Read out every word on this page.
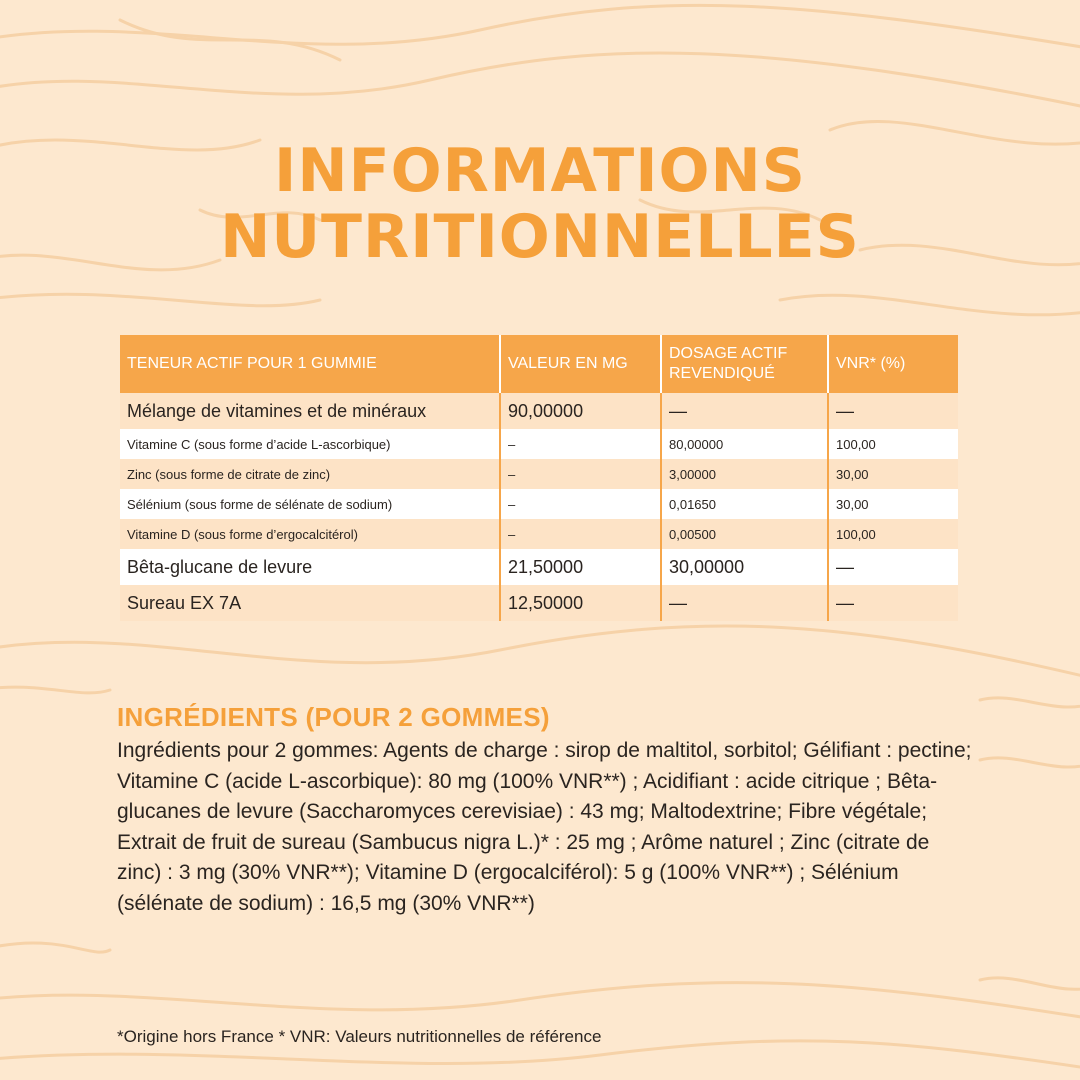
INFORMATIONS
NUTRITIONNELLES
TENEUR ACTIF POUR 1 GUMMIE	VALEUR EN MG	DOSAGE ACTIF REVENDIQUÉ	VNR* (%)
Mélange de vitamines et de minéraux	90,00000	—	—
Vitamine C (sous forme d’acide L-ascorbique)	–	80,00000	100,00
Zinc (sous forme de citrate de zinc)	–	3,00000	30,00
Sélénium (sous forme de sélénate de sodium)	–	0,01650	30,00
Vitamine D (sous forme d’ergocalcitérol)	–	0,00500	100,00
Bêta-glucane de levure	21,50000	30,00000	—
Sureau EX 7A	12,50000	—	—
INGRÉDIENTS (POUR 2 GOMMES)

Ingrédients pour 2 gommes: Agents de charge : sirop de maltitol, sorbitol; Gélifiant : pectine; Vitamine C (acide L-ascorbique): 80 mg (100% VNR**) ; Acidifiant : acide citrique ; Bêta-glucanes de levure (Saccharomyces cerevisiae) : 43 mg; Maltodextrine; Fibre végétale; Extrait de fruit de sureau (Sambucus nigra L.)* : 25 mg ; Arôme naturel ; Zinc (citrate de zinc) : 3 mg (30% VNR**); Vitamine D (ergocalciférol): 5 g (100% VNR**) ; Sélénium (sélénate de sodium) : 16,5 mg (30% VNR**)

*Origine hors France * VNR: Valeurs nutritionnelles de référence
